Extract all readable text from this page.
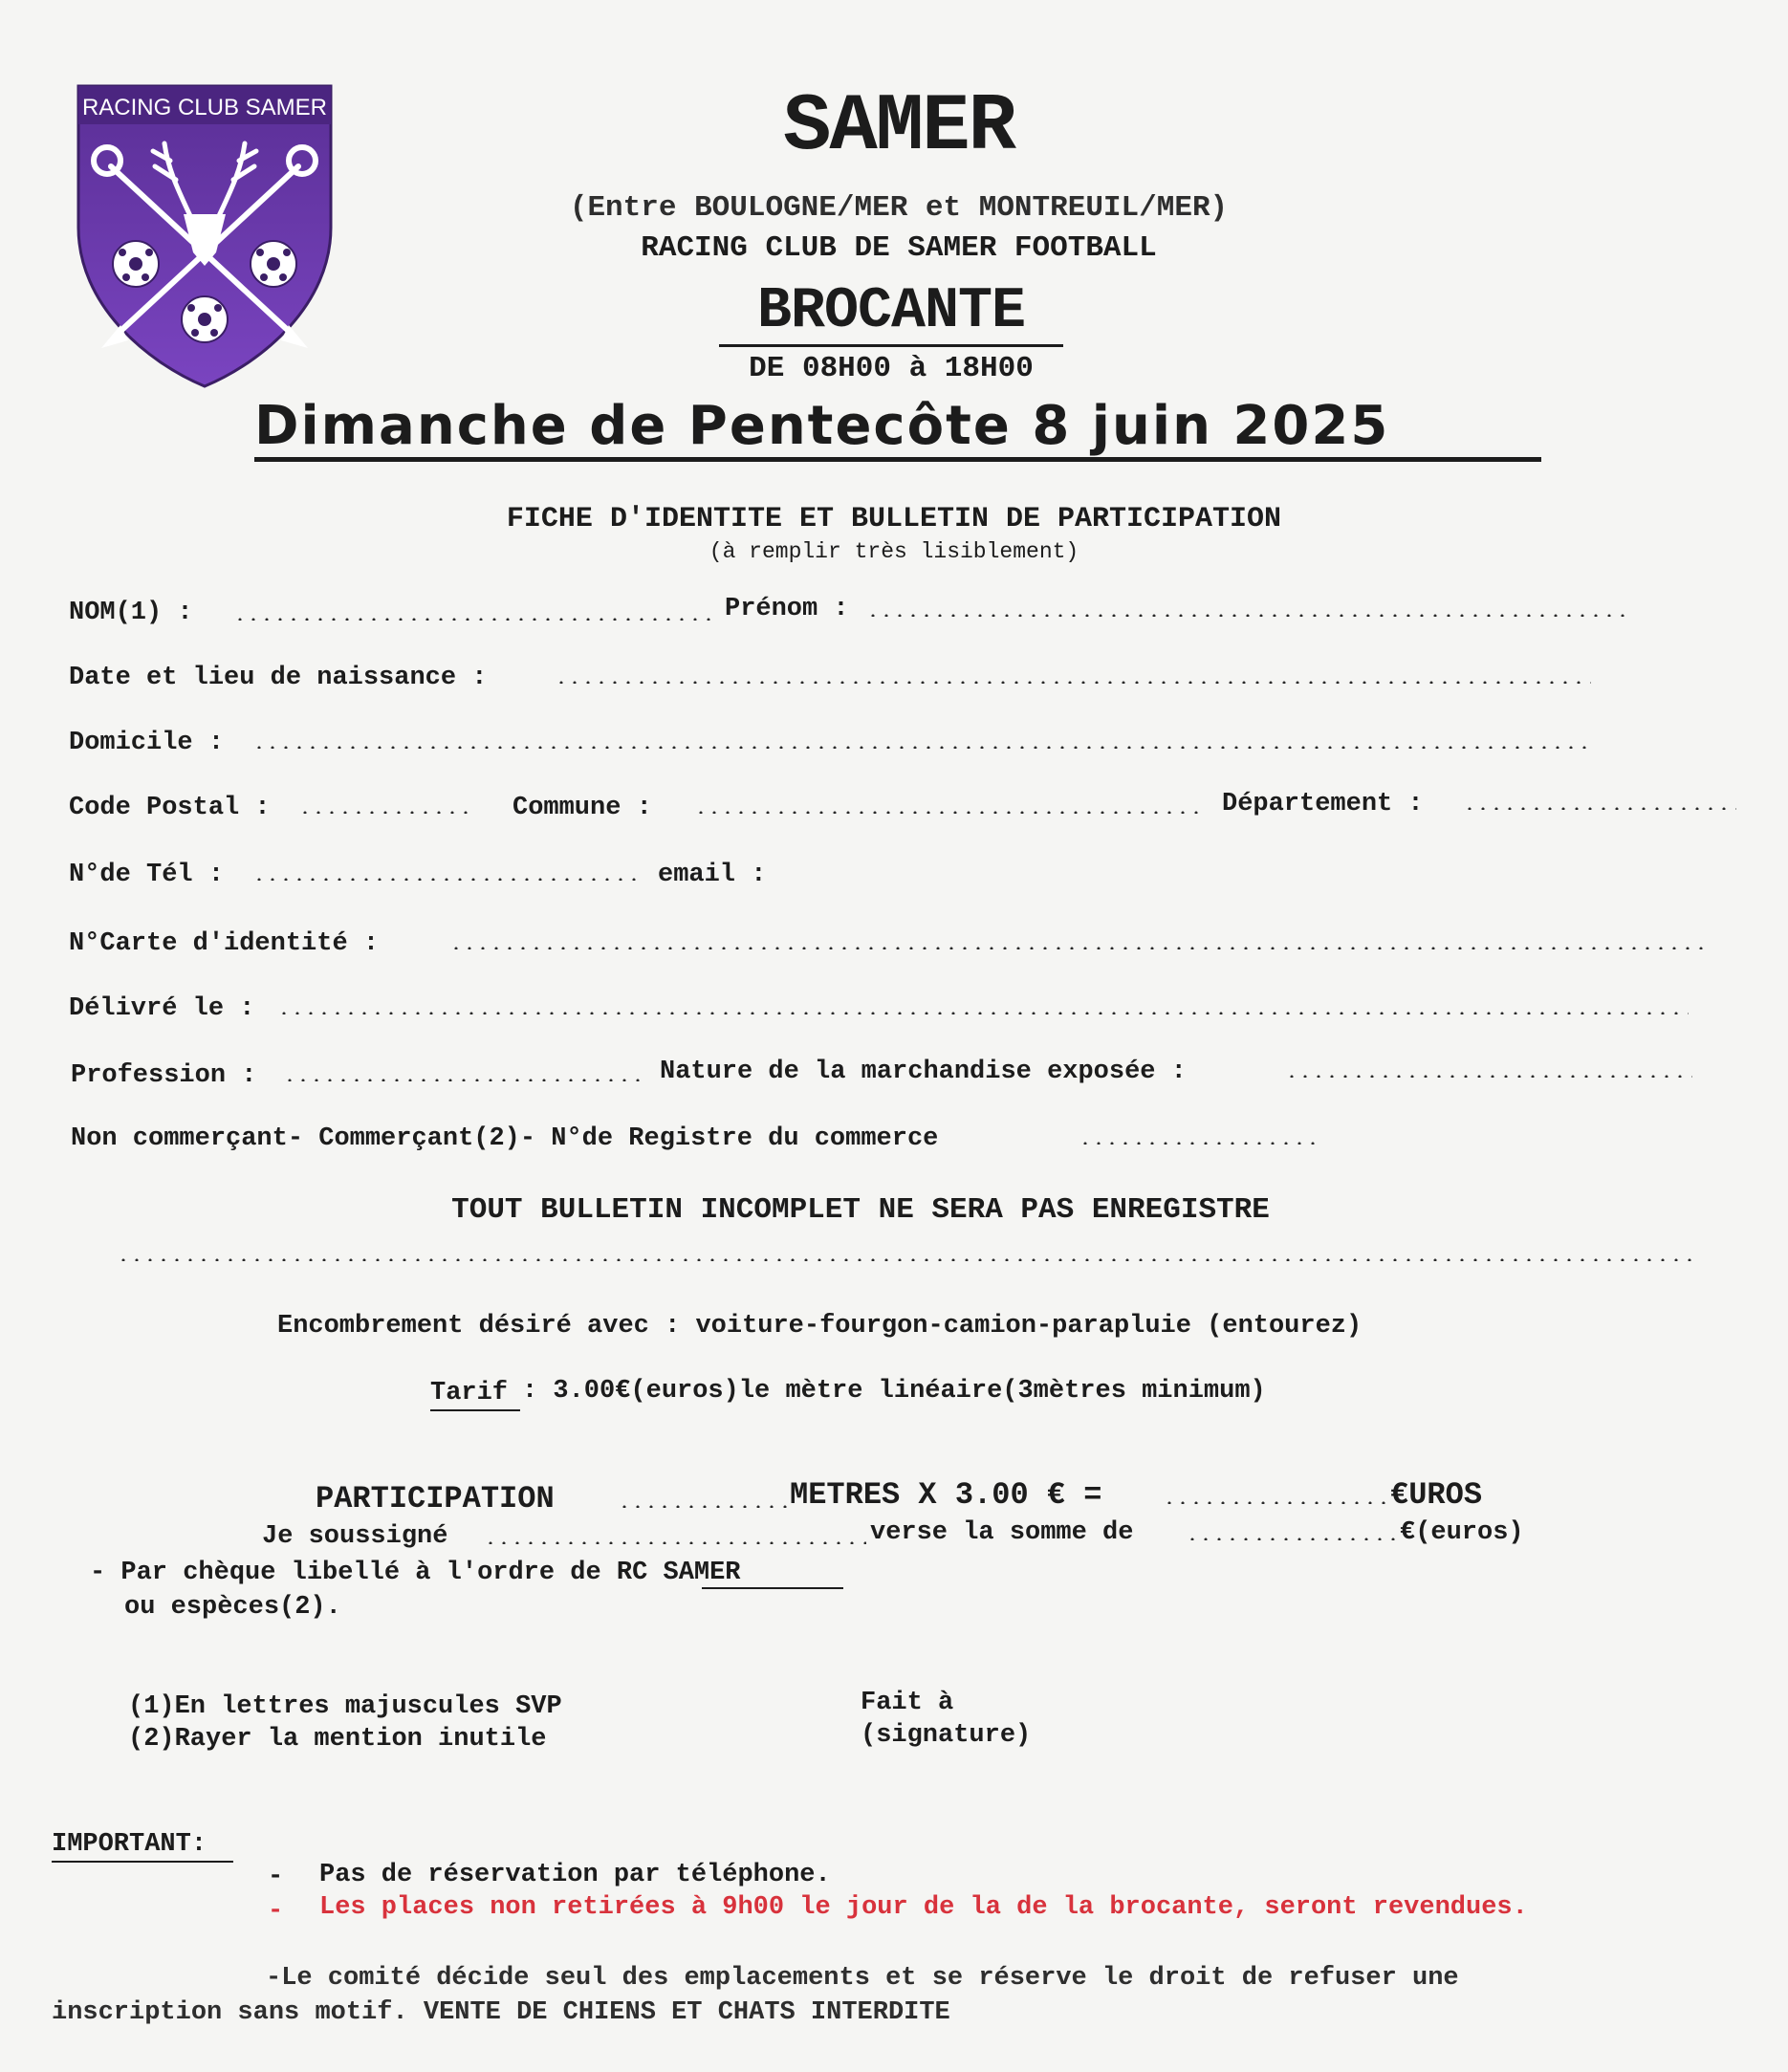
RACING CLUB SAMER	SAMER
(Entre BOULOGNE/MER et MONTREUIL/MER)
RACING CLUB DE SAMER FOOTBALL
BROCANTE
DE 08H00 à 18H00
Dimanche de Pentecôte 8 juin 2025
FICHE D'IDENTITE ET BULLETIN DE PARTICIPATION
(à remplir très lisiblement)
NOM(1) :	Prénom :
Date et lieu de naissance :
Domicile :
Code Postal :	Commune :	Département :
N°de Tél :	email :
N°Carte d'identité :
Délivré le :
Profession :	Nature de la marchandise exposée :
Non commerçant- Commerçant(2)- N°de Registre du commerce
TOUT BULLETIN INCOMPLET NE SERA PAS ENREGISTRE
Encombrement désiré avec : voiture-fourgon-camion-parapluie (entourez)
Tarif : 3.00€(euros)le mètre linéaire(3mètres minimum)
PARTICIPATION	METRES X 3.00 € =	€UROS
Je soussigné	verse la somme de	€(euros)
- Par chèque libellé à l'ordre de RC SAMER
ou espèces(2).
(1)En lettres majuscules SVP
(2)Rayer la mention inutile
Fait à
(signature)
IMPORTANT:
- Pas de réservation par téléphone.
- Les places non retirées à 9h00 le jour de la de la brocante, seront revendues.
-Le comité décide seul des emplacements et se réserve le droit de refuser une
inscription sans motif. VENTE DE CHIENS ET CHATS INTERDITE
